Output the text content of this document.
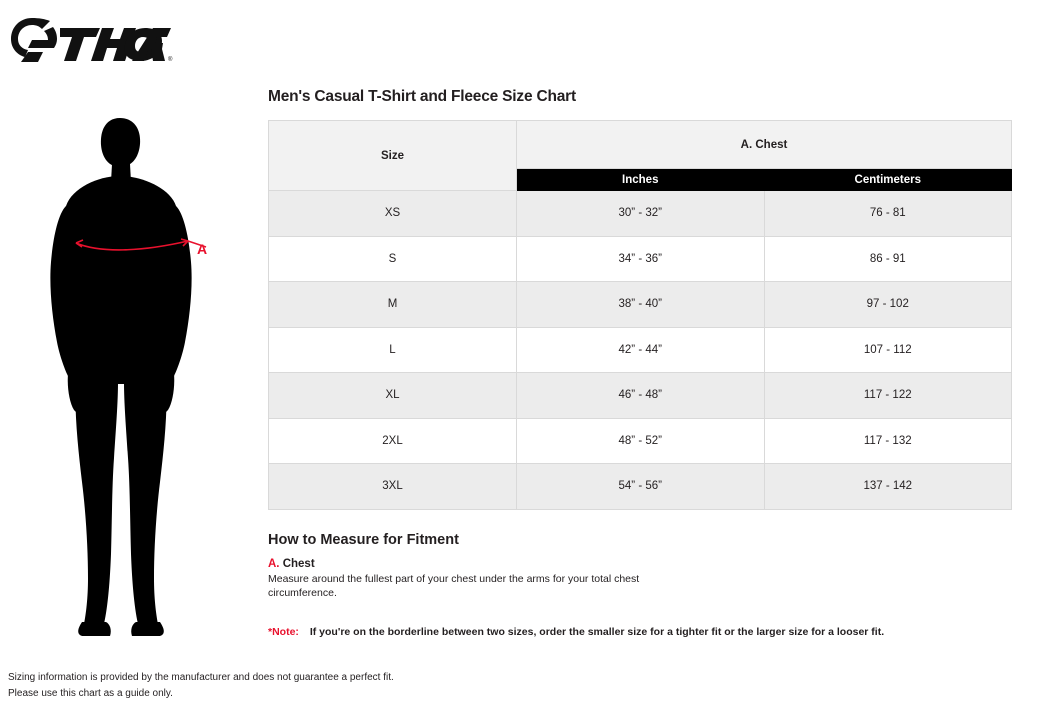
®
A
Men's Casual T-Shirt and Fleece Size Chart
Size	A. Chest	
	Inches	Centimeters
XS	30” - 32”	76 - 81
S	34” - 36”	86 - 91
M	38” - 40”	97 - 102
L	42” - 44”	107 - 112
XL	46” - 48”	117 - 122
2XL	48” - 52”	117 - 132
3XL	54” - 56”	137 - 142
How to Measure for Fitment
A. Chest
Measure around the fullest part of your chest under the arms for your total chest circumference.
*Note: If you're on the borderline between two sizes, order the smaller size for a tighter fit or the larger size for a looser fit.
Sizing information is provided by the manufacturer and does not guarantee a perfect fit.
Please use this chart as a guide only.
